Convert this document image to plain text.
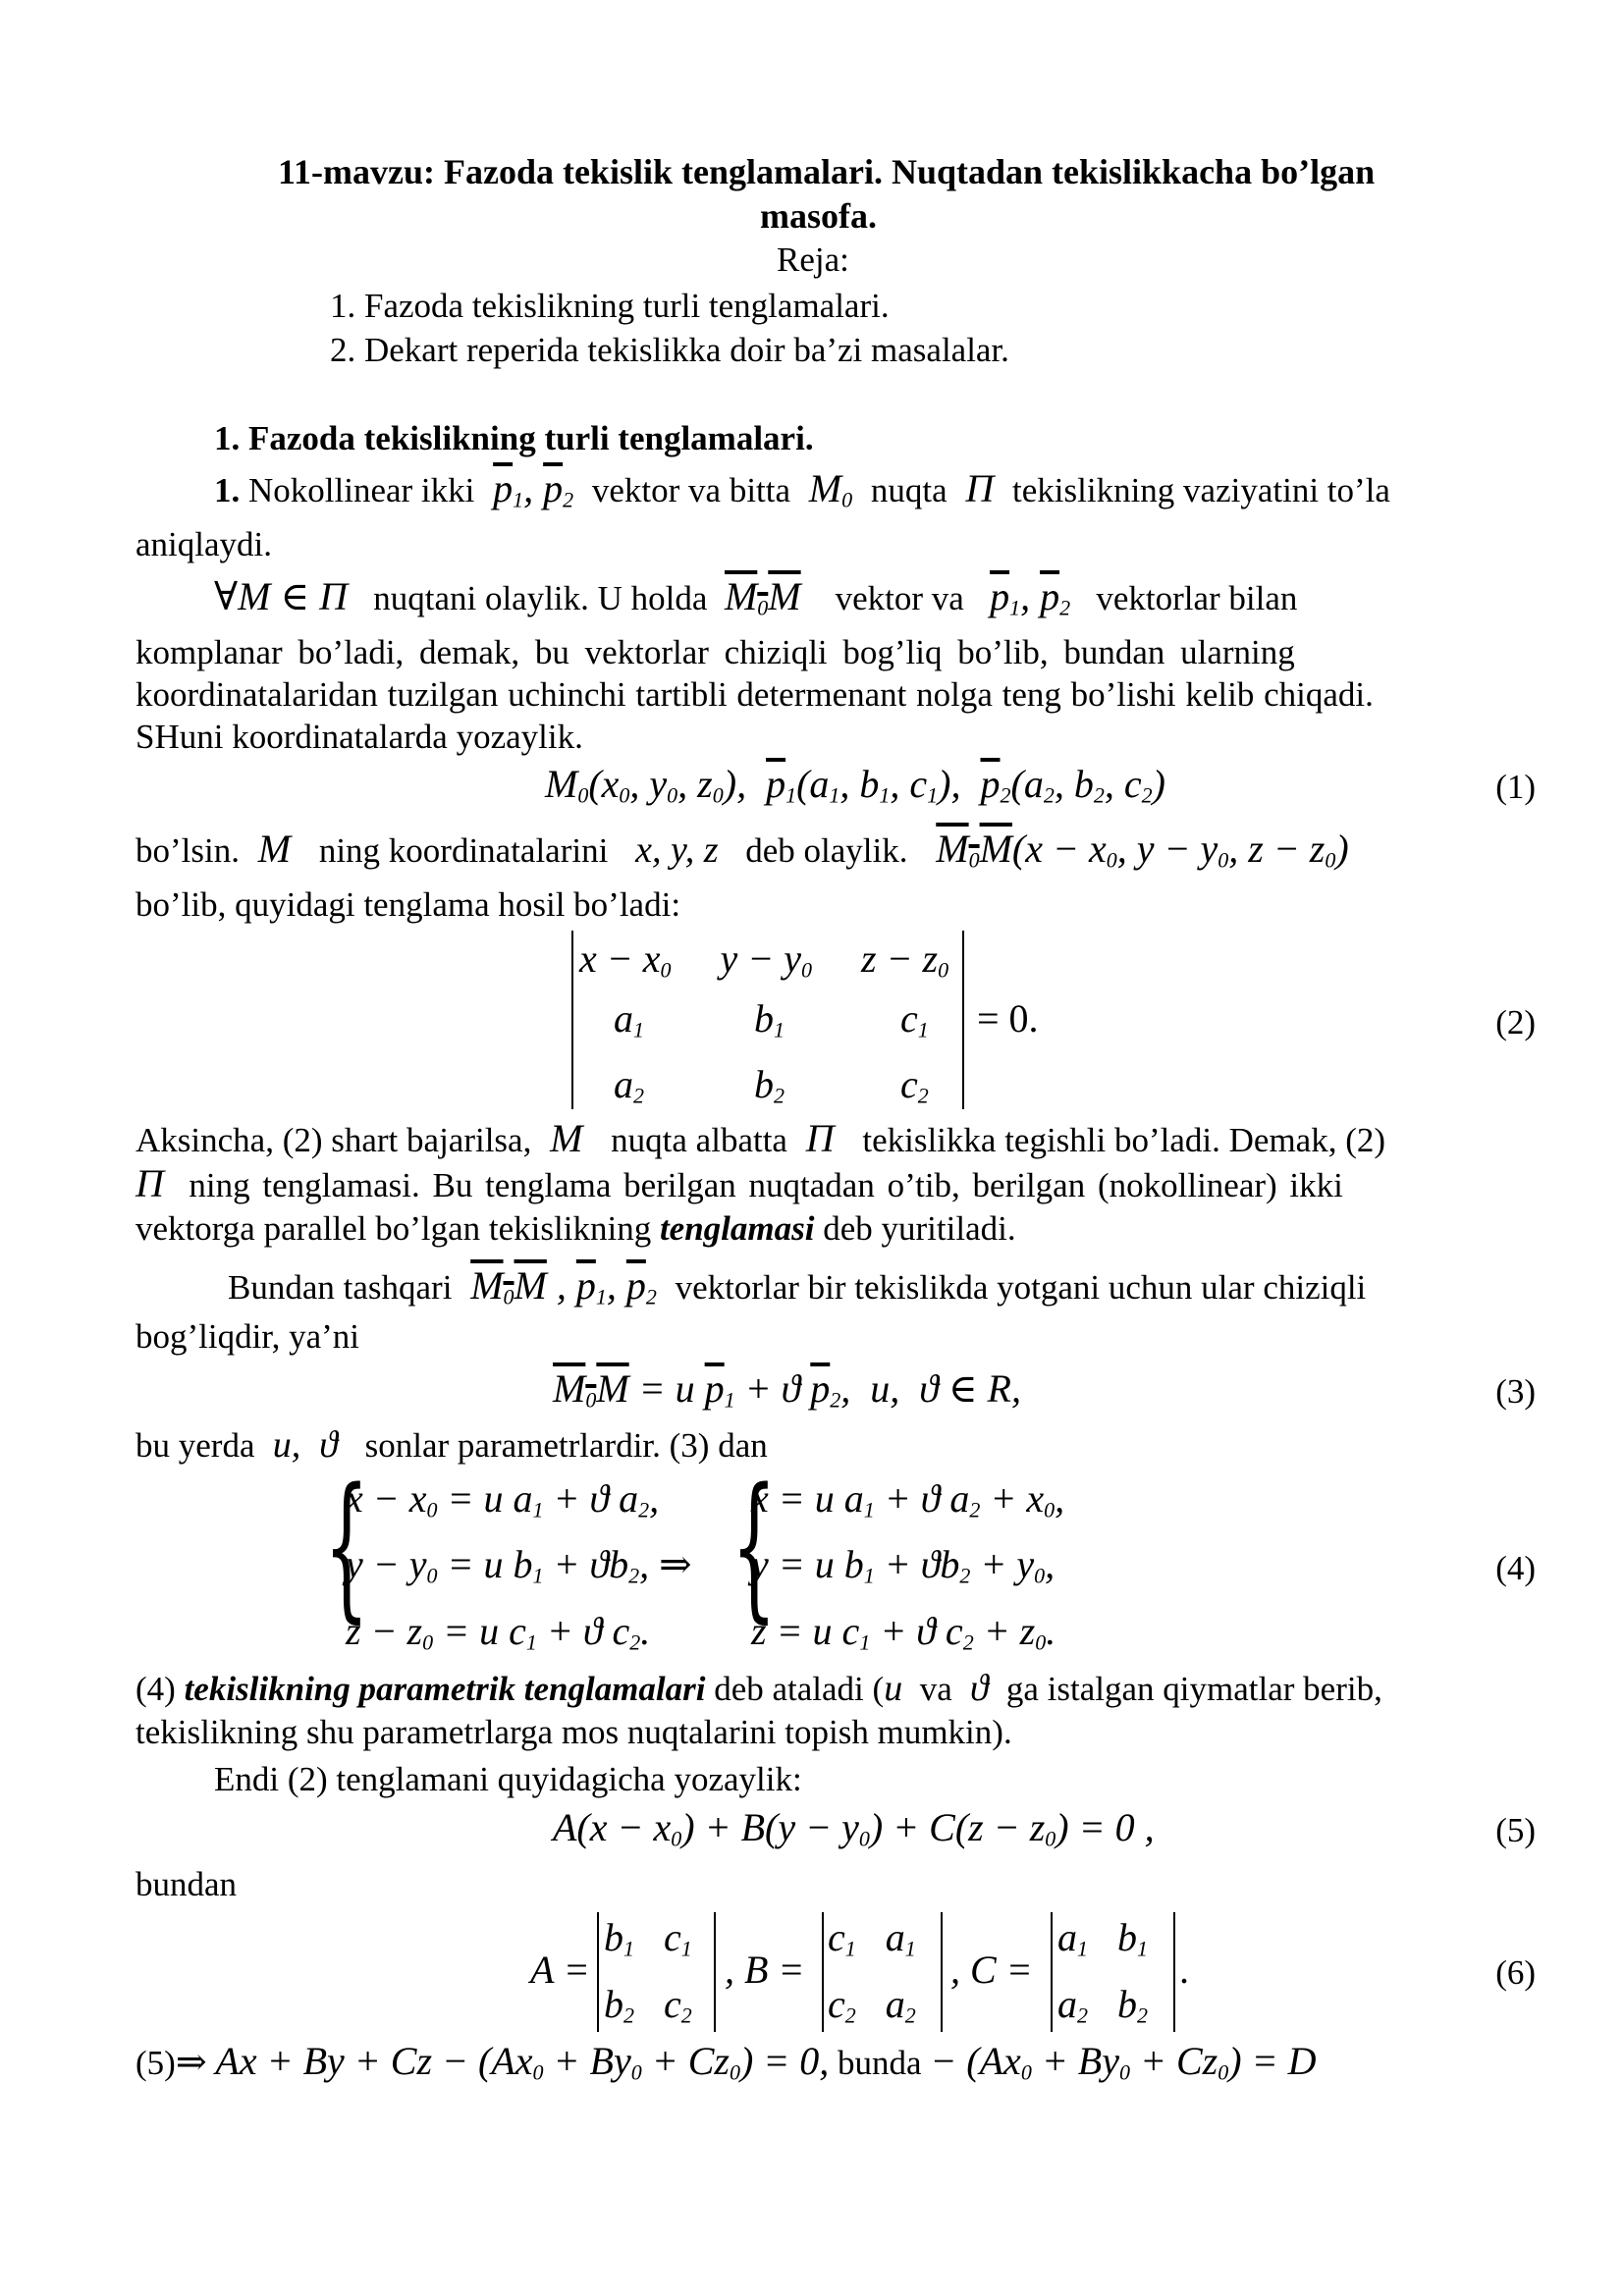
11-mavzu: Fazoda tekislik tenglamalari. Nuqtadan tekislikkacha bo’lgan
masofa.
Reja:
1. Fazoda tekislikning turli tenglamalari.
2. Dekart reperida tekislikka doir ba’zi masalalar.
1. Fazoda tekislikning turli tenglamalari.
1. Nokollinear ikki $\overline{p}_1$, $\overline{p}_2$ vektor va bitta  $M_0$ nuqta  Π  tekislikning vaziyatini to’la
aniqlaydi.
∀M ∈ Π nuqtani olaylik. U holda $M_0M$ vektor va $\overline{p}_1$, $\overline{p}_2$ vektorlar bilan
komplanar bo’ladi, demak, bu vektorlar chiziqli bog’liq bo’lib, bundan ularning
koordinatalaridan tuzilgan uchinchi tartibli determenant nolga teng bo’lishi kelib chiqadi.
SHuni koordinatalarda yozaylik.
$M_0(x_0$, $y_0$, $z_0$),  $\overline{p}_1(a_1$, $b_1$, $c_1$),  $\overline{p}_2(a_2$, $b_2$, $c_2$)	(1)
bo’lsin.  M   ning koordinatalarini   x, y, z   deb olaylik. $M_0M(x - x_0$, $y - y_0$, $z - z_0$)
bo’lib, quyidagi tenglama hosil bo’ladi:
$x - x_0$     $y - y_0$     $z - z_0$
$a_1$	$b_1$	$c_1 = 0$.
$a_2$	$b_2$	$c_2$
(2)
Aksincha, (2) shart bajarilsa,  M   nuqta albatta  Π   tekislikka tegishli bo’ladi. Demak, (2)
Π ning tenglamasi. Bu tenglama berilgan nuqtadan o’tib, berilgan (nokollinear) ikki
vektorga parallel bo’lgan tekislikning tenglamasi deb yuritiladi.
Bundan tashqari $M_0M$ , $\overline{p}_1$, $\overline{p}_2$ vektorlar bir tekislikda yotgani uchun ular chiziqli
bog’liqdir, ya’ni
$M_0M = u$ $\overline{p}_1 + ϑ$ $\overline{p}_2$,  u,  ϑ ∈ R,	(3)
bu yerda  u,  ϑ   sonlar parametrlardir. (3) dan
{
$x - x_0 = u$ $a_1 + ϑ$ $a_2$,
$y - y_0 = u$ $b_1 + ϑb_2$, ⇒
$z - z_0 = u$ $c_1 + ϑ$ $c_2$. {
x = u $a_1 + ϑ$ $a_2 + x_0$,
y = u $b_1 + ϑb_2 + y_0$,
z = u $c_1 + ϑ$ $c_2 + z_0$.
(4)
(4) tekislikning parametrik tenglamalari deb ataladi (u va  ϑ  ga istalgan qiymatlar berib,
tekislikning shu parametrlarga mos nuqtalarini topish mumkin).
Endi (2) tenglamani quyidagicha yozaylik:
$A(x - x_0) + B(y - y_0) + C(z - z_0) = 0$ ,	(5)
bundan
A =
$b_1$   $c_1$
$b_2$   $c_2$
, B =
$c_1$   $a_1$
$c_2$   $a_2$
, C =
$a_1$   $b_1$
$a_2$   $b_2$
.	(6)
(5)⇒ $Ax + By + Cz - (Ax_0 + By_0 + Cz_0) = 0$, bunda − $(Ax_0 + By_0 + Cz_0) = D$
